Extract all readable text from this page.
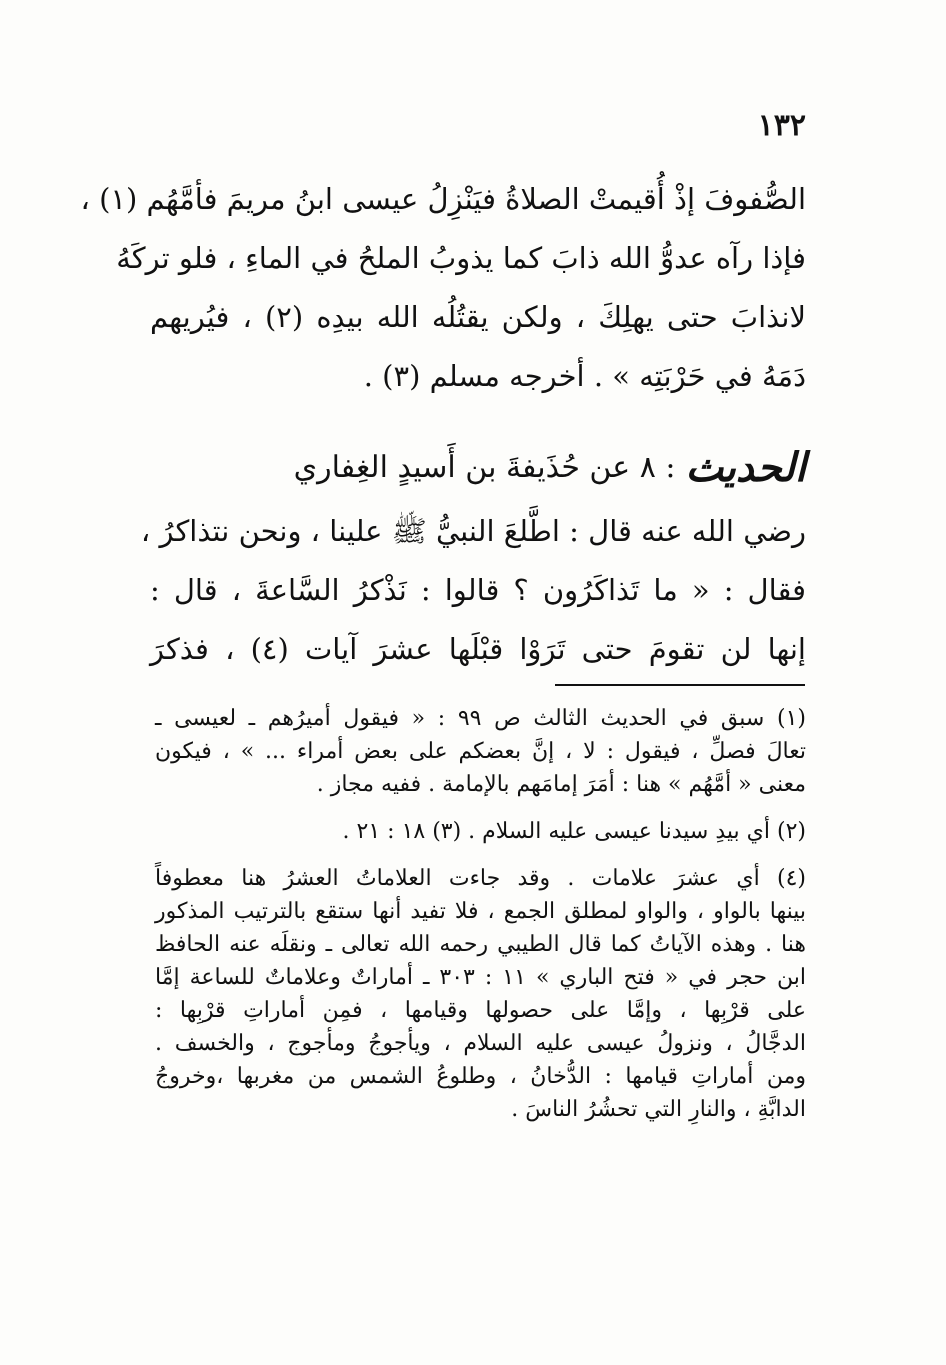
١٣٢
الصُّفوفَ إذْ أُقيمتْ الصلاةُ فيَنْزِلُ عيسى ابنُ مريمَ فأمَّهُم (١) ،
فإذا رآه عدوُّ الله ذابَ كما يذوبُ الملحُ في الماءِ ، فلو تركَهُ
لانذابَ حتى يهلِكَ ، ولكن يقتُلُه الله بيدِه (٢) ، فيُريهم
دَمَهُ في حَرْبَتِه » . أخرجه مسلم (٣) .
الحديث
: ٨ عن حُذَيفةَ بن أَسيدٍ الغِفاري
رضي الله عنه قال : اطَّلعَ النبيُّ ﷺ علينا ، ونحن نتذاكرُ ،
فقال : « ما تَذاكَرُون ؟ قالوا : نَذْكرُ السَّاعةَ ، قال :
إنها لن تقومَ حتى تَرَوْا قبْلَها عشرَ آيات (٤) ، فذكرَ
(١) سبق في الحديث الثالث ص ٩٩ : « فيقول أميرُهم ـ لعيسى ـ
تعالَ فصلِّ ، فيقول : لا ، إنَّ بعضكم على بعض أمراء ... » ، فيكون
معنى « أمَّهُم » هنا : أمَرَ إمامَهم بالإمامة . ففيه مجاز .
(٢) أي بيدِ سيدنا عيسى عليه السلام . (٣) ١٨ : ٢١ .
(٤) أي عشرَ علامات . وقد جاءت العلاماتُ العشرُ هنا معطوفاً
بينها بالواو ، والواو لمطلق الجمع ، فلا تفيد أنها ستقع بالترتيب المذكور
هنا . وهذه الآياتُ كما قال الطيبي رحمه الله تعالى ـ ونقلَه عنه الحافظ
ابن حجر في « فتح الباري » ١١ : ٣٠٣ ـ أماراتٌ وعلاماتٌ للساعة إمَّا
على قرْبِها ، وإمَّا على حصولها وقيامها ، فمِن أماراتِ قرْبِها :
الدجَّالُ ، ونزولُ عيسى عليه السلام ، ويأجوجُ ومأجوج ، والخسف .
ومن أماراتِ قيامها : الدُّخانُ ، وطلوعُ الشمس من مغربها ،وخروجُ
الدابَّةِ ، والنارِ التي تحشُرُ الناسَ .
